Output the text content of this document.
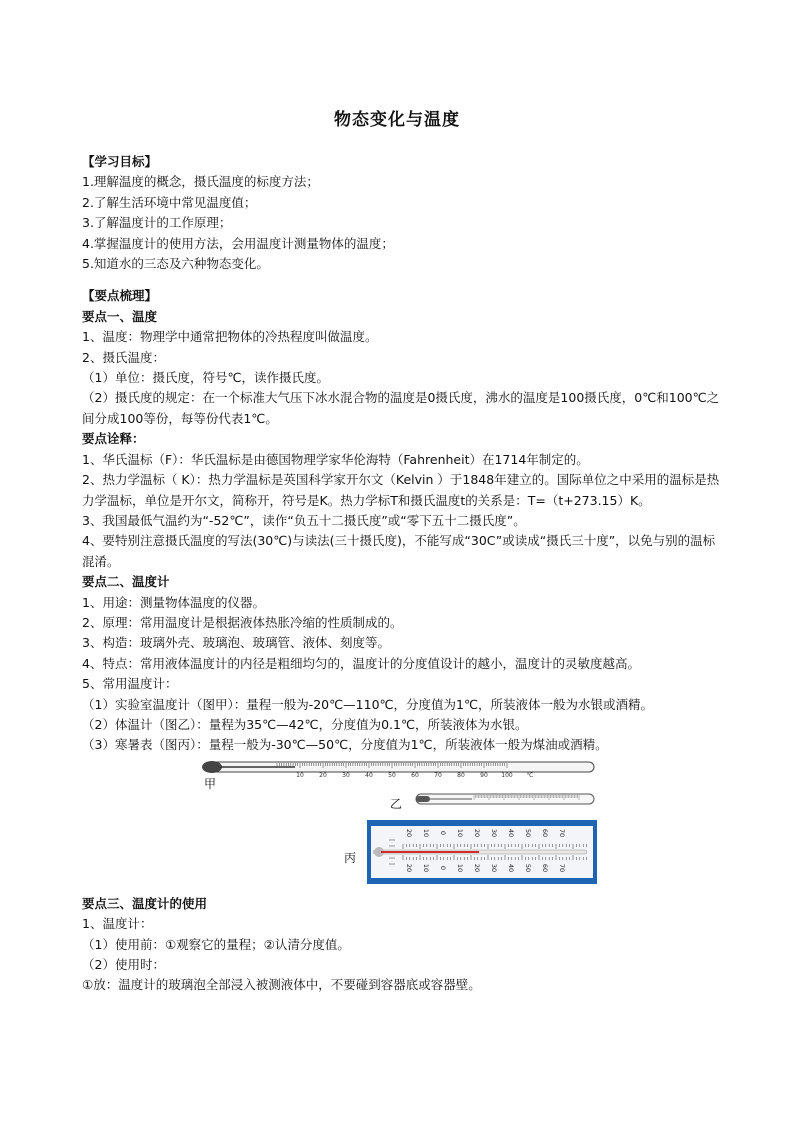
物态变化与温度
【学习目标】
1.理解温度的概念，摄氏温度的标度方法；
2.了解生活环境中常见温度值；
3.了解温度计的工作原理；
4.掌握温度计的使用方法，会用温度计测量物体的温度；
5.知道水的三态及六种物态变化。
【要点梳理】
要点一、温度
1、温度：物理学中通常把物体的冷热程度叫做温度。
2、摄氏温度：
（1）单位：摄氏度，符号℃，读作摄氏度。
（2）摄氏度的规定：在一个标准大气压下冰水混合物的温度是0摄氏度，沸水的温度是100摄氏度，0℃和100℃之间分成100等份，每等份代表1℃。
要点诠释：
1、华氏温标（F）：华氏温标是由德国物理学家华伦海特（Fahrenheit）在1714年制定的。
2、热力学温标（ K）：热力学温标是英国科学家开尔文（Kelvin ）于1848年建立的。国际单位之中采用的温标是热力学温标，单位是开尔文，简称开，符号是K。热力学标T和摄氏温度t的关系是：T=（t+273.15）K。
3、我国最低气温约为“-52℃”，读作“负五十二摄氏度”或“零下五十二摄氏度”。
4、要特别注意摄氏温度的写法(30℃)与读法(三十摄氏度)，不能写成“30C”或读成“摄氏三十度”，以免与别的温标混淆。
要点二、温度计
1、用途：测量物体温度的仪器。
2、原理：常用温度计是根据液体热胀冷缩的性质制成的。
3、构造：玻璃外壳、玻璃泡、玻璃管、液体、刻度等。
4、特点：常用液体温度计的内径是粗细均匀的，温度计的分度值设计的越小，温度计的灵敏度越高。
5、常用温度计：
（1）实验室温度计（图甲）：量程一般为-20℃—110℃，分度值为1℃，所装液体一般为水银或酒精。
（2）体温计（图乙）：量程为35℃—42℃，分度值为0.1℃，所装液体为水银。
（3）寒暑表（图丙）：量程一般为-30℃—50℃，分度值为1℃，所装液体一般为煤油或酒精。
甲
10	20	30	40	50	60	70	80	90 100 ℃
乙
丙
20
20
10
10
0
0
10
10
20
20
30
30
40
40
50
50
60
60
70
70
要点三、温度计的使用
1、温度计：
（1）使用前：①观察它的量程；②认清分度值。
（2）使用时：
①放：温度计的玻璃泡全部浸入被测液体中，不要碰到容器底或容器壁。
